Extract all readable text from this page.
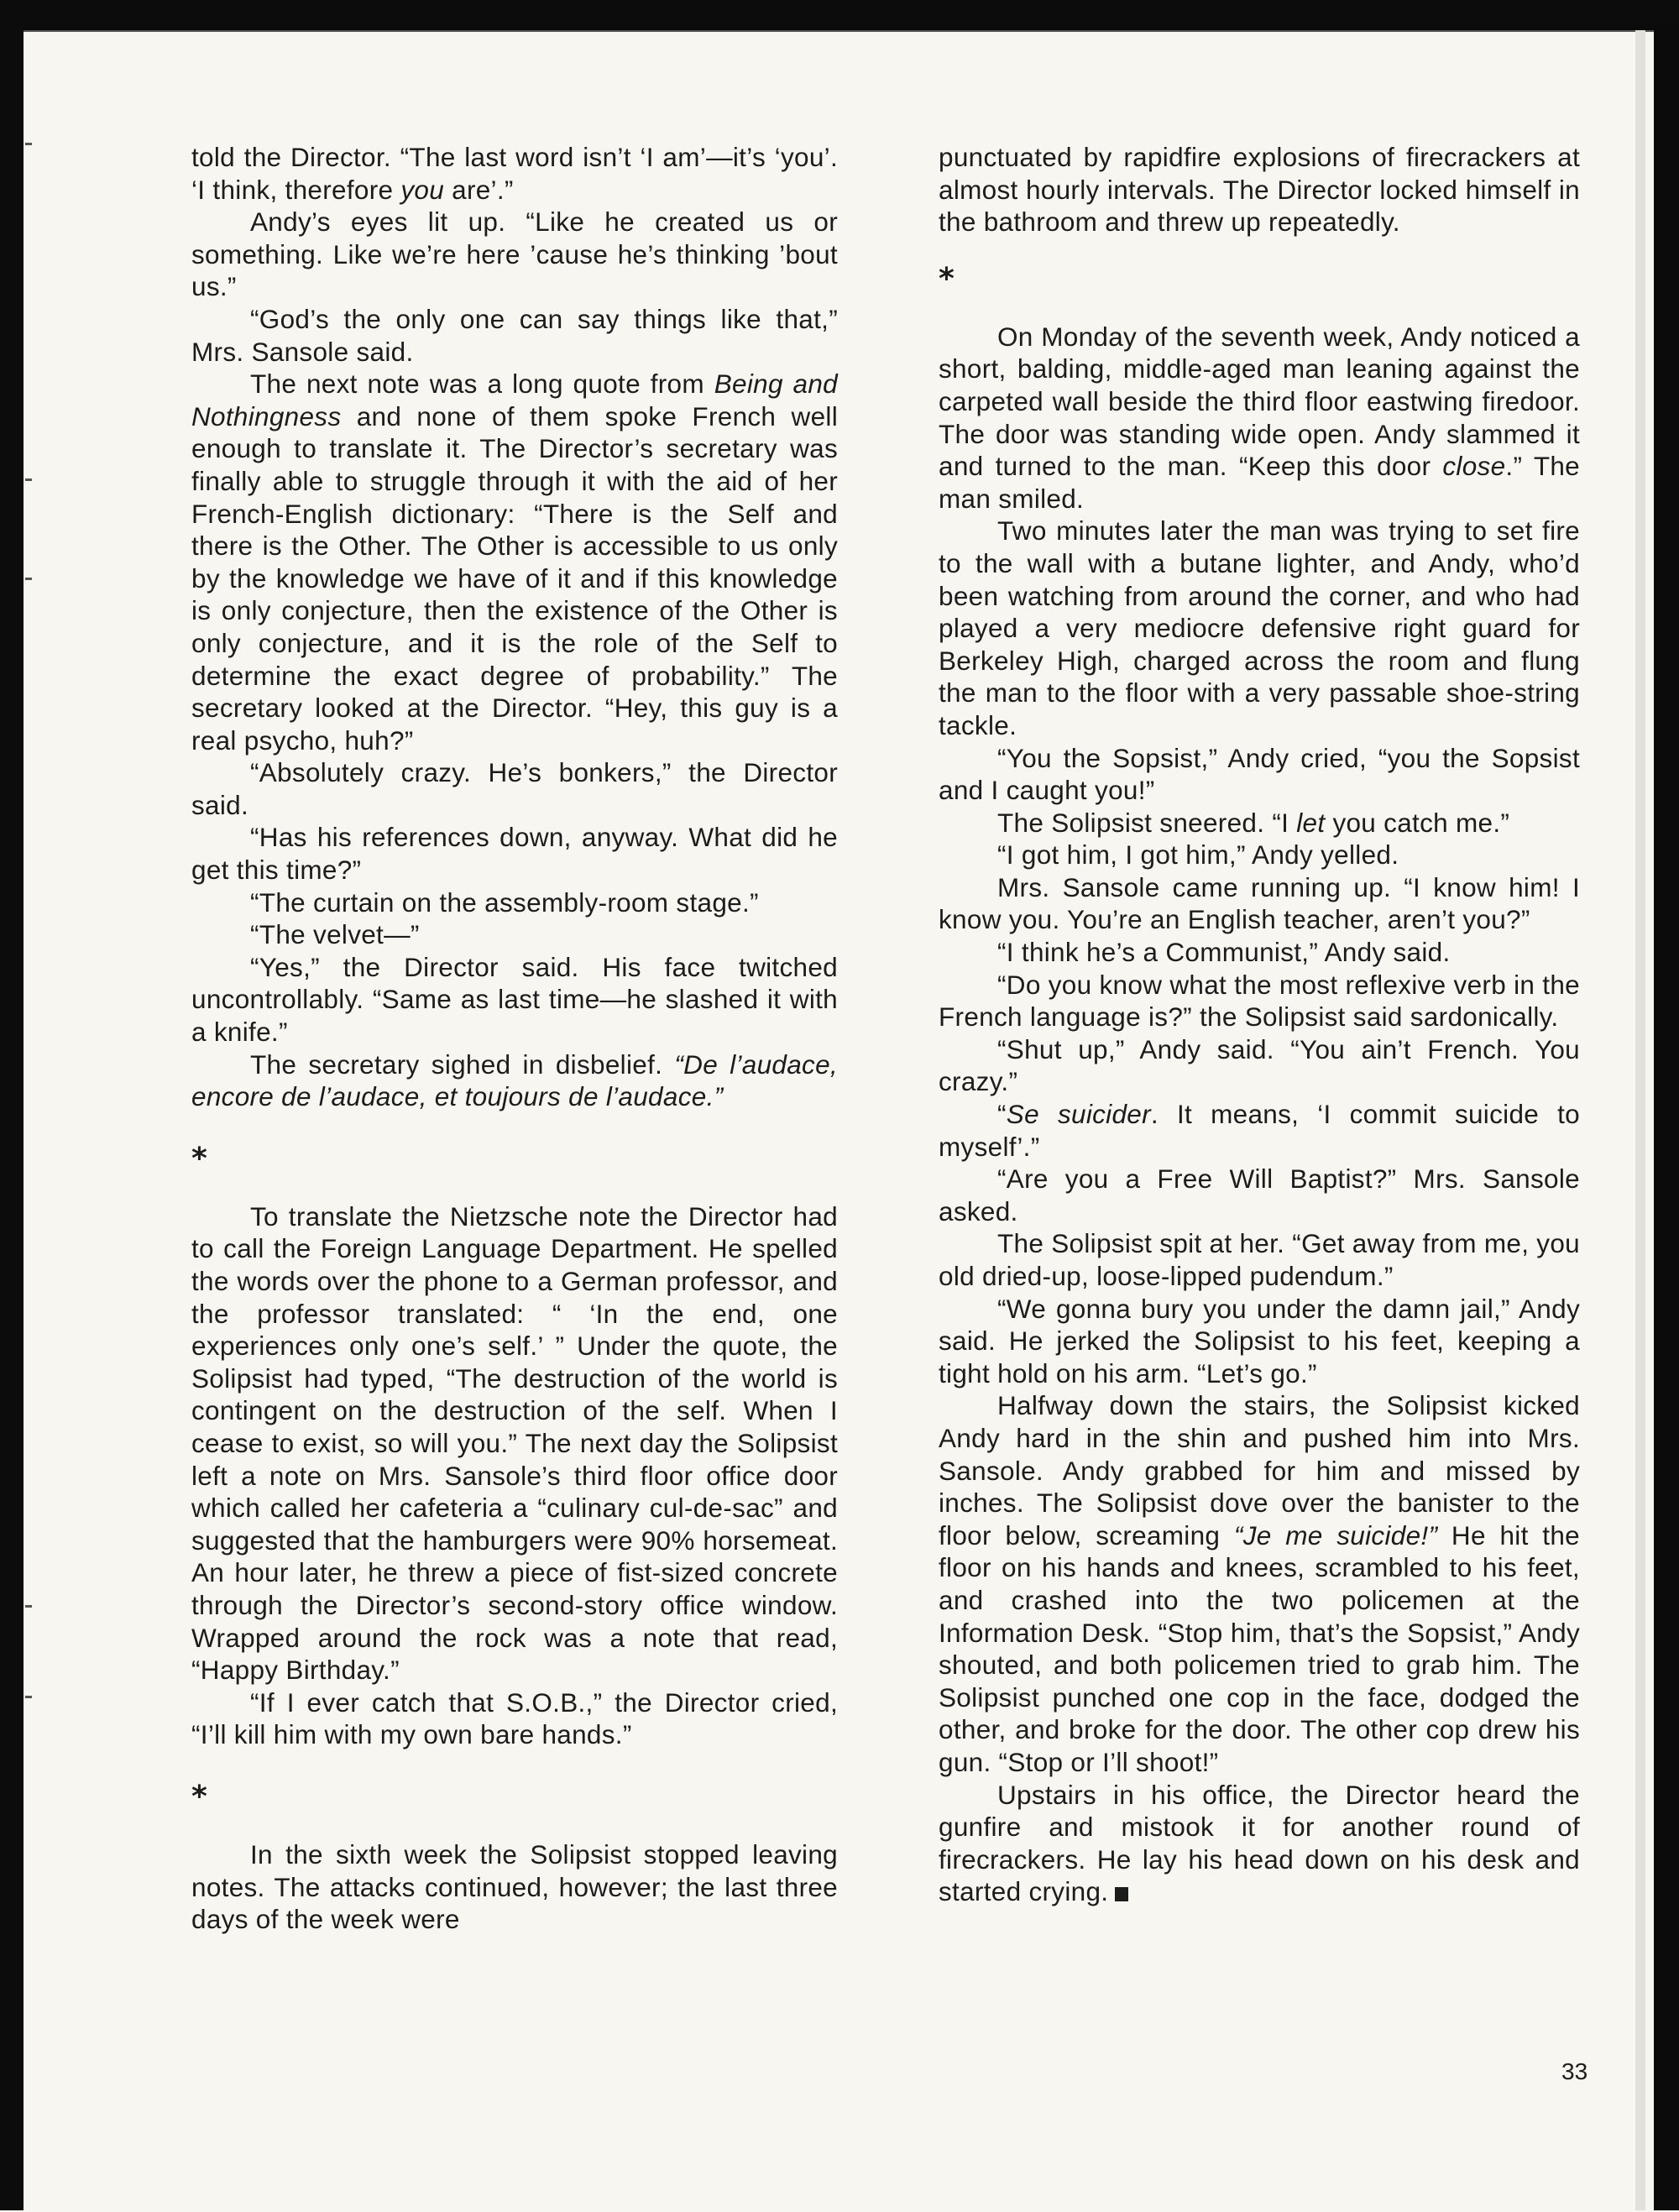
told the Director. “The last word isn’t ‘I am’—it’s ‘you’. ‘I think, therefore you are’.”

Andy’s eyes lit up. “Like he created us or something. Like we’re here ’cause he’s thinking ’bout us.”

“God’s the only one can say things like that,” Mrs. Sansole said.

The next note was a long quote from Being and Nothingness and none of them spoke French well enough to translate it. The Director’s secretary was finally able to struggle through it with the aid of her French-English dictionary: “There is the Self and there is the Other. The Other is accessible to us only by the knowledge we have of it and if this knowledge is only conjecture, then the existence of the Other is only conjecture, and it is the role of the Self to determine the exact degree of probability.” The secretary looked at the Director. “Hey, this guy is a real psycho, huh?”

“Absolutely crazy. He’s bonkers,” the Director said.

“Has his references down, anyway. What did he get this time?”

“The curtain on the assembly-room stage.”

“The velvet—”

“Yes,” the Director said. His face twitched uncontrollably. “Same as last time—he slashed it with a knife.”

The secretary sighed in disbelief. “De l’audace, encore de l’audace, et toujours de l’audace.”

*

To translate the Nietzsche note the Director had to call the Foreign Language Department. He spelled the words over the phone to a German professor, and the professor translated: “ ‘In the end, one experiences only one’s self.’ ” Under the quote, the Solipsist had typed, “The destruction of the world is contingent on the destruction of the self. When I cease to exist, so will you.” The next day the Solipsist left a note on Mrs. Sansole’s third floor office door which called her cafeteria a “culinary cul-de-sac” and suggested that the hamburgers were 90% horsemeat. An hour later, he threw a piece of fist-sized concrete through the Director’s second-story office window. Wrapped around the rock was a note that read, “Happy Birthday.”

“If I ever catch that S.O.B.,” the Director cried, “I’ll kill him with my own bare hands.”

*

In the sixth week the Solipsist stopped leaving notes. The attacks continued, however; the last three days of the week were

punctuated by rapidfire explosions of firecrackers at almost hourly intervals. The Director locked himself in the bathroom and threw up repeatedly.

*

On Monday of the seventh week, Andy noticed a short, balding, middle-aged man leaning against the carpeted wall beside the third floor eastwing firedoor. The door was standing wide open. Andy slammed it and turned to the man. “Keep this door close.” The man smiled.

Two minutes later the man was trying to set fire to the wall with a butane lighter, and Andy, who’d been watching from around the corner, and who had played a very mediocre defensive right guard for Berkeley High, charged across the room and flung the man to the floor with a very passable shoe-string tackle.

“You the Sopsist,” Andy cried, “you the Sopsist and I caught you!”

The Solipsist sneered. “I let you catch me.”

“I got him, I got him,” Andy yelled.

Mrs. Sansole came running up. “I know him! I know you. You’re an English teacher, aren’t you?”

“I think he’s a Communist,” Andy said.

“Do you know what the most reflexive verb in the French language is?” the Solipsist said sardonically.

“Shut up,” Andy said. “You ain’t French. You crazy.”

“Se suicider. It means, ‘I commit suicide to myself’.”

“Are you a Free Will Baptist?” Mrs. Sansole asked.

The Solipsist spit at her. “Get away from me, you old dried-up, loose-lipped pudendum.”

“We gonna bury you under the damn jail,” Andy said. He jerked the Solipsist to his feet, keeping a tight hold on his arm. “Let’s go.”

Halfway down the stairs, the Solipsist kicked Andy hard in the shin and pushed him into Mrs. Sansole. Andy grabbed for him and missed by inches. The Solipsist dove over the banister to the floor below, screaming “Je me suicide!” He hit the floor on his hands and knees, scrambled to his feet, and crashed into the two policemen at the Information Desk. “Stop him, that’s the Sopsist,” Andy shouted, and both policemen tried to grab him. The Solipsist punched one cop in the face, dodged the other, and broke for the door. The other cop drew his gun. “Stop or I’ll shoot!”

Upstairs in his office, the Director heard the gunfire and mistook it for another round of firecrackers. He lay his head down on his desk and started crying.

33
